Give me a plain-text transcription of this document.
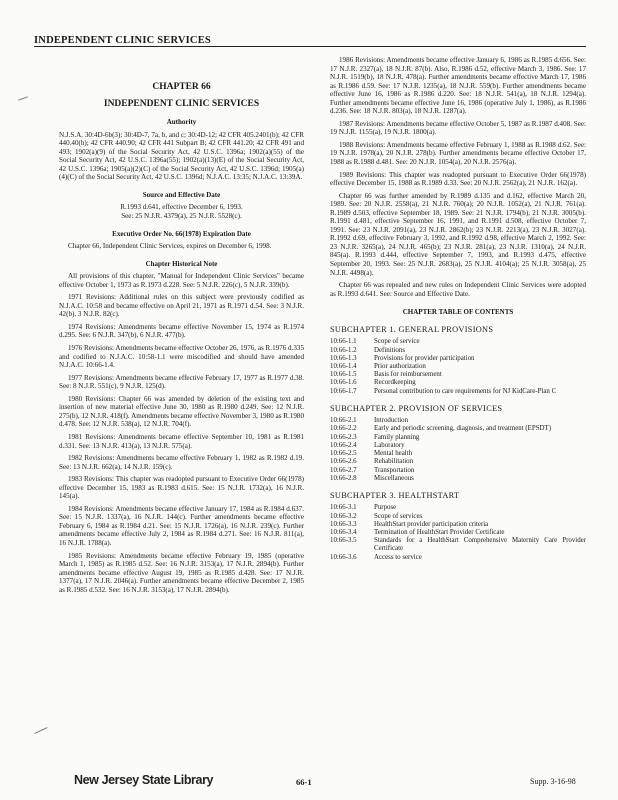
INDEPENDENT CLINIC SERVICES
CHAPTER 66
INDEPENDENT CLINIC SERVICES
Authority

N.J.S.A. 30:4D-6b(3); 30:4D-7, 7a, b, and c; 30:4D-12; 42 CFR 405.2401(b); 42 CFR 440.40(b); 42 CFR 440.90; 42 CFR 441 Subpart B; 42 CFR 441.20; 42 CFR 491 and 493; 1902(a)(9) of the Social Security Act, 42 U.S.C. 1396a; 1902(a)(55) of the Social Security Act, 42 U.S.C. 1396a(55); 1902(a)(13)(E) of the Social Security Act, 42 U.S.C. 1396a; 1905(a)(2)(C) of the Social Security Act, 42 U.S.C. 1396d; 1905(a)(4)(C) of the Social Security Act, 42 U.S.C. 1396d; N.J.A.C. 13:35; N.J.A.C. 13:39A.

Source and Effective Date

R.1993 d.641, effective December 6, 1993.

See: 25 N.J.R. 4379(a), 25 N.J.R. 5528(c).

Executive Order No. 66(1978) Expiration Date

Chapter 66, Independent Clinic Services, expires on December 6, 1998.

Chapter Historical Note

All provisions of this chapter, "Manual for Independent Clinic Services" became effective October 1, 1973 as R.1973 d.228. See: 5 N.J.R. 226(c), 5 N.J.R. 339(b).

1971 Revisions: Additional rules on this subject were previously codified as N.J.A.C. 10:58 and became effective on April 21, 1971 as R.1971 d.54. See: 3 N.J.R. 42(b), 3 N.J.R. 82(c).

1974 Revisions: Amendments became effective November 15, 1974 as R.1974 d.295. See: 6 N.J.R. 347(b), 6 N.J.R. 477(b).

1976 Revisions: Amendments became effective October 26, 1976, as R.1976 d.335 and codified to N.J.A.C. 10:58-1.1 were miscodified and should have amended N.J.A.C. 10:66-1.4.

1977 Revisions: Amendments became effective February 17, 1977 as R.1977 d.38. See: 8 N.J.R. 551(c), 9 N.J.R. 125(d).

1980 Revisions: Chapter 66 was amended by deletion of the existing text and insertion of new material effective June 30, 1980 as R.1980 d.249. See: 12 N.J.R. 275(b), 12 N.J.R. 418(f). Amendments became effective November 3, 1980 as R.1980 d.478. See: 12 N.J.R. 538(a), 12 N.J.R. 704(f).

1981 Revisions: Amendments became effective September 10, 1981 as R.1981 d.331. See: 13 N.J.R. 413(a), 13 N.J.R. 575(a).

1982 Revisions: Amendments became effective February 1, 1982 as R.1982 d.19. See: 13 N.J.R. 662(a), 14 N.J.R. 159(c).

1983 Revisions: This chapter was readopted pursuant to Executive Order 66(1978) effective December 15, 1983 as R.1983 d.615. See: 15 N.J.R. 1732(a), 16 N.J.R. 145(a).

1984 Revisions: Amendments became effective January 17, 1984 as R.1984 d.637. See: 15 N.J.R. 1337(a), 16 N.J.R. 144(c). Further amendments became effective February 6, 1984 as R.1984 d.21. See: 15 N.J.R. 1726(a), 16 N.J.R. 239(c). Further amendments became effective July 2, 1984 as R.1984 d.271. See: 16 N.J.R. 811(a), 16 N.J.R. 1788(a).

1985 Revisions: Amendments became effective February 19, 1985 (operative March 1, 1985) as R.1985 d.52. See: 16 N.J.R. 3153(a), 17 N.J.R. 2894(b). Further amendments became effective August 19, 1985 as R.1985 d.428. See: 17 N.J.R. 1377(a), 17 N.J.R. 2046(a). Further amendments became effective December 2, 1985 as R.1985 d.532. See: 16 N.J.R. 3153(a), 17 N.J.R. 2894(b).

1986 Revisions: Amendments became effective January 6, 1986 as R.1985 d.656. See: 17 N.J.R. 2327(a), 18 N.J.R. 87(b). Also, R.1986 d.52, effective March 3, 1986. See: 17 N.J.R. 1519(b), 18 N.J.R. 478(a). Further amendments became effective March 17, 1986 as R.1986 d.59. See: 17 N.J.R. 1235(a), 18 N.J.R. 559(b). Further amendments became effective June 16, 1986 as R.1986 d.220. See: 18 N.J.R. 541(a), 18 N.J.R. 1294(a). Further amendments became effective June 16, 1986 (operative July 1, 1986), as R.1986 d.236. See: 18 N.J.R. 803(a), 18 N.J.R. 1287(a).

1987 Revisions: Amendments became effective October 5, 1987 as R.1987 d.408. See: 19 N.J.R. 1155(a), 19 N.J.R. 1800(a).

1988 Revisions: Amendments became effective February 1, 1988 as R.1988 d.62. See: 19 N.J.R. 1978(a), 20 N.J.R. 278(b). Further amendments became effective October 17, 1988 as R.1988 d.481. See: 20 N.J.R. 1054(a), 20 N.J.R. 2576(a).

1989 Revisions: This chapter was readopted pursuant to Executive Order 66(1978) effective December 15, 1988 as R.1989 d.33. See: 20 N.J.R. 2562(a), 21 N.J.R. 162(a).

Chapter 66 was further amended by R.1989 d.135 and d.162, effective March 20, 1989. See: 20 N.J.R. 2558(a), 21 N.J.R. 760(a); 20 N.J.R. 1052(a), 21 N.J.R. 761(a). R.1989 d.503, effective September 18, 1989. See: 21 N.J.R. 1794(b), 21 N.J.R. 3005(b). R.1991 d.481, effective September 16, 1991, and R.1991 d.508, effective October 7, 1991. See: 23 N.J.R. 2091(a), 23 N.J.R. 2862(b); 23 N.J.R. 2213(a), 23 N.J.R. 3027(a). R.1992 d.69, effective February 3, 1992, and R.1992 d.98, effective March 2, 1992. See: 23 N.J.R. 3265(a), 24 N.J.R. 465(b); 23 N.J.R. 281(a), 23 N.J.R. 1310(a), 24 N.J.R. 845(a). R.1993 d.444, effective September 7, 1993, and R.1993 d.475, effective September 20, 1993. See: 25 N.J.R. 2683(a), 25 N.J.R. 4104(a); 25 N.J.R. 3058(a), 25 N.J.R. 4498(a).

Chapter 66 was repealed and new rules on Independent Clinic Services were adopted as R.1993 d.641. See: Source and Effective Date.

CHAPTER TABLE OF CONTENTS
SUBCHAPTER 1. GENERAL PROVISIONS
10:66-1.1	Scope of service
10:66-1.2	Definitions
10:66-1.3	Provisions for provider participation
10:66-1.4	Prior authorization
10:66-1.5	Basis for reimbursement
10:66-1.6	Recordkeeping
10:66-1.7	Personal contribution to care requirements for NJ KidCare-Plan C
SUBCHAPTER 2. PROVISION OF SERVICES
10:66-2.1	Introduction
10:66-2.2	Early and periodic screening, diagnosis, and treatment (EPSDT)
10:66-2.3	Family planning
10:66-2.4	Laboratory
10:66-2.5	Mental health
10:66-2.6	Rehabilitation
10:66-2.7	Transportation
10:66-2.8	Miscellaneous
SUBCHAPTER 3. HEALTHSTART
10:66-3.1	Purpose
10:66-3.2	Scope of services
10:66-3.3	HealthStart provider participation criteria
10:66-3.4	Termination of HealthStart Provider Certificate
10:66-3.5	Standards for a HealthStart Comprehensive Maternity Care Provider Certificate
10:66-3.6	Access to service
New Jersey State Library	66-1	Supp. 3-16-98
